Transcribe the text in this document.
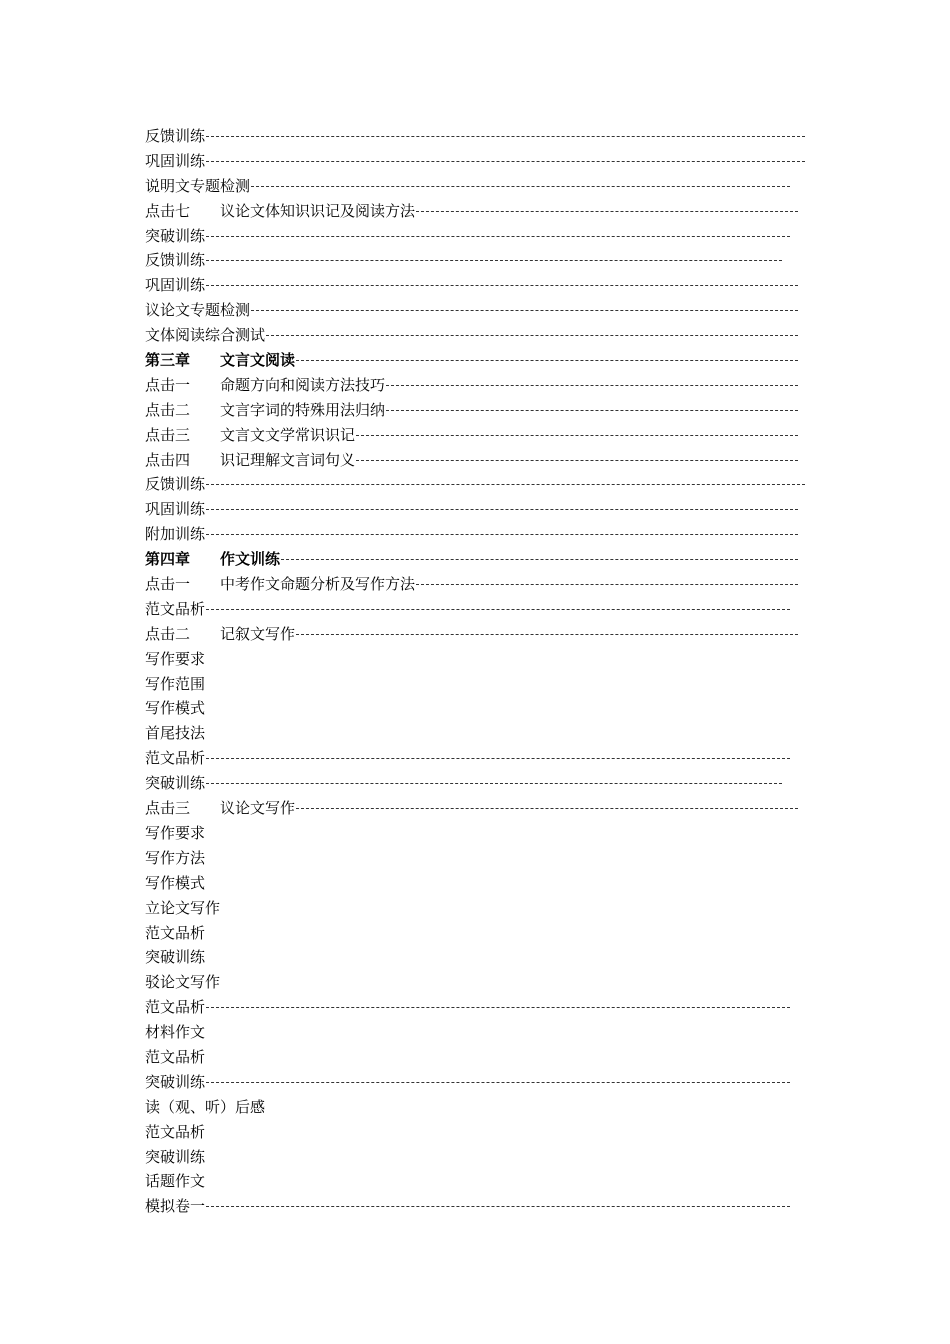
反馈训练
巩固训练
说明文专题检测
点击七 议论文体知识识记及阅读方法
突破训练
反馈训练
巩固训练
议论文专题检测
文体阅读综合测试
第三章 文言文阅读
点击一 命题方向和阅读方法技巧
点击二 文言字词的特殊用法归纳
点击三 文言文文学常识识记
点击四 识记理解文言词句义
反馈训练
巩固训练
附加训练
第四章 作文训练
点击一 中考作文命题分析及写作方法
范文品析
点击二 记叙文写作
写作要求
写作范围
写作模式
首尾技法
范文品析
突破训练
点击三 议论文写作
写作要求
写作方法
写作模式
立论文写作
范文品析
突破训练
驳论文写作
范文品析
材料作文
范文品析
突破训练
读（观、听）后感
范文品析
突破训练
话题作文
模拟卷一
